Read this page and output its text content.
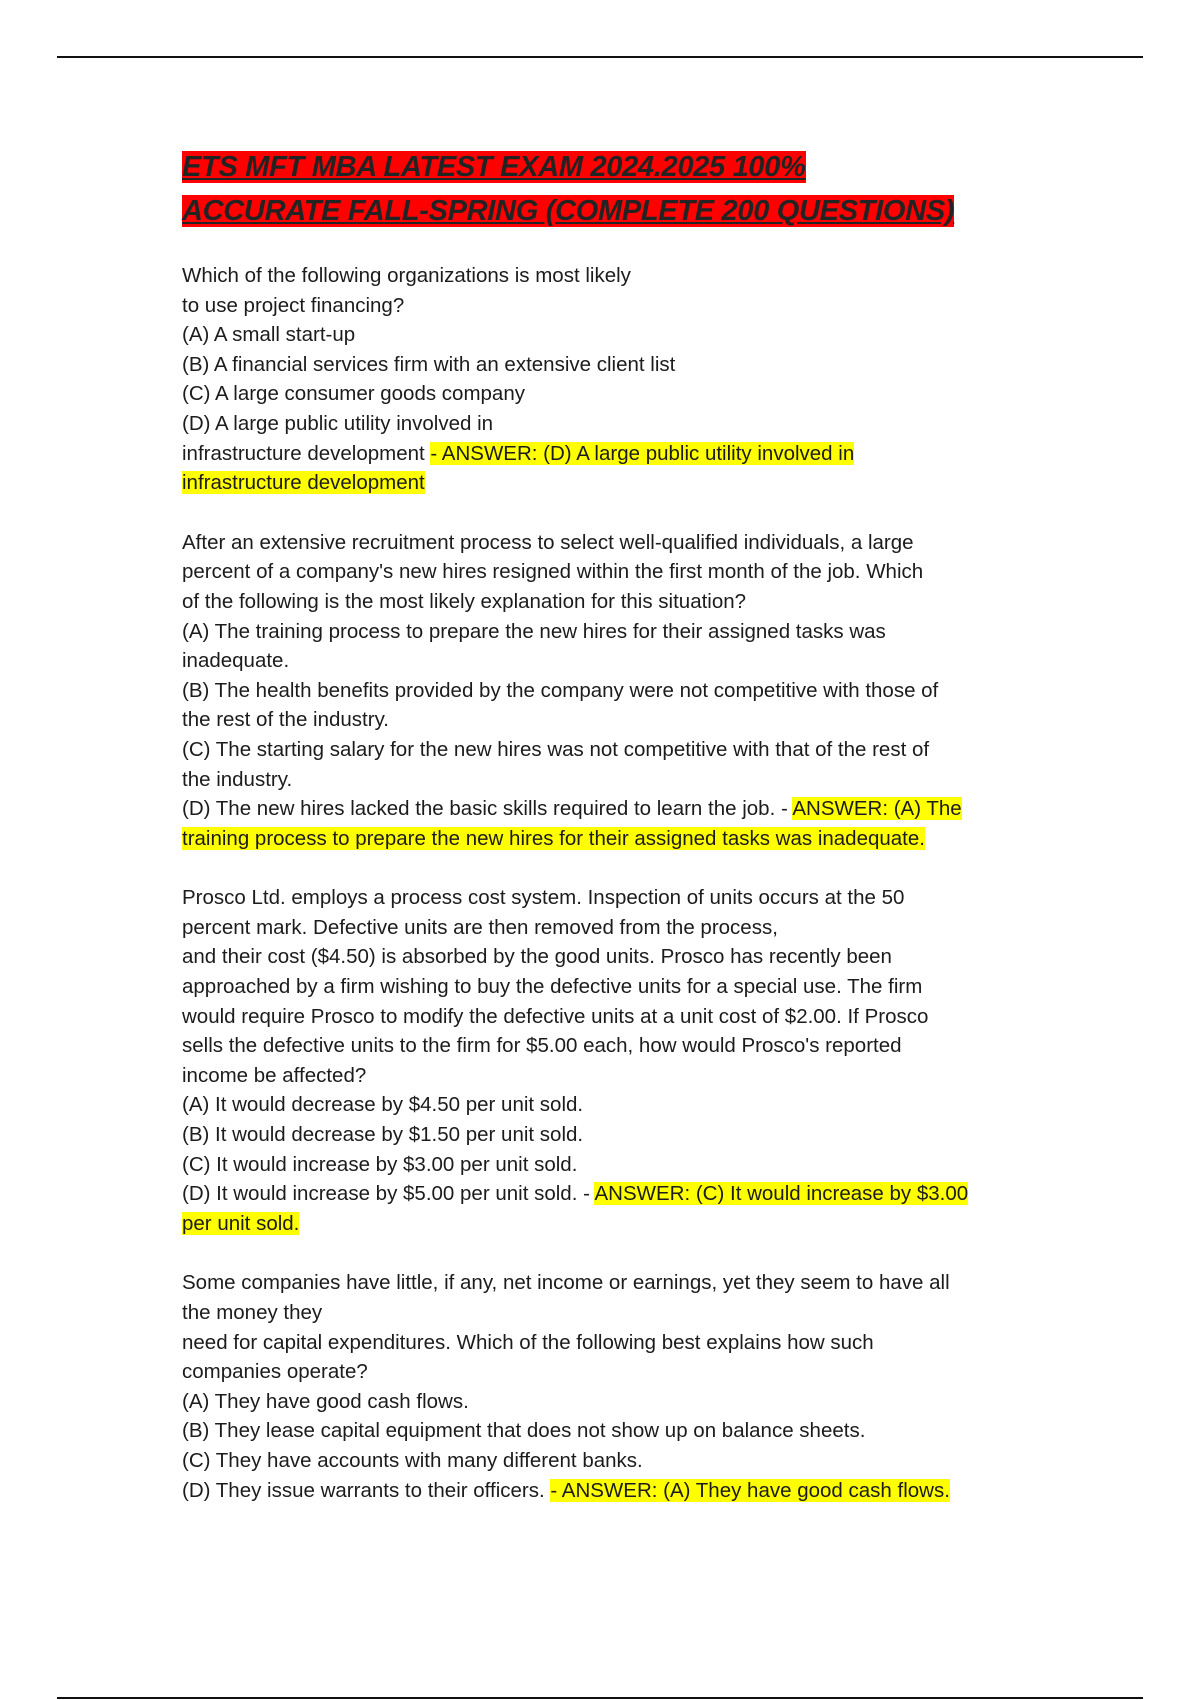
ETS MFT MBA LATEST EXAM 2024.2025 100%
ACCURATE FALL-SPRING (COMPLETE 200 QUESTIONS)
Which of the following organizations is most likely
to use project financing?
(A) A small start-up
(B) A financial services firm with an extensive client list
(C) A large consumer goods company
(D) A large public utility involved in
infrastructure development - ANSWER: (D) A large public utility involved in
infrastructure development
After an extensive recruitment process to select well-qualified individuals, a large
percent of a company's new hires resigned within the first month of the job. Which
of the following is the most likely explanation for this situation?
(A) The training process to prepare the new hires for their assigned tasks was
inadequate.
(B) The health benefits provided by the company were not competitive with those of
the rest of the industry.
(C) The starting salary for the new hires was not competitive with that of the rest of
the industry.
(D) The new hires lacked the basic skills required to learn the job. - ANSWER: (A) The
training process to prepare the new hires for their assigned tasks was inadequate.
Prosco Ltd. employs a process cost system. Inspection of units occurs at the 50
percent mark. Defective units are then removed from the process,
and their cost ($4.50) is absorbed by the good units. Prosco has recently been
approached by a firm wishing to buy the defective units for a special use. The firm
would require Prosco to modify the defective units at a unit cost of $2.00. If Prosco
sells the defective units to the firm for $5.00 each, how would Prosco's reported
income be affected?
(A) It would decrease by $4.50 per unit sold.
(B) It would decrease by $1.50 per unit sold.
(C) It would increase by $3.00 per unit sold.
(D) It would increase by $5.00 per unit sold. - ANSWER: (C) It would increase by $3.00
per unit sold.
Some companies have little, if any, net income or earnings, yet they seem to have all
the money they
need for capital expenditures. Which of the following best explains how such
companies operate?
(A) They have good cash flows.
(B) They lease capital equipment that does not show up on balance sheets.
(C) They have accounts with many different banks.
(D) They issue warrants to their officers. - ANSWER: (A) They have good cash flows.
